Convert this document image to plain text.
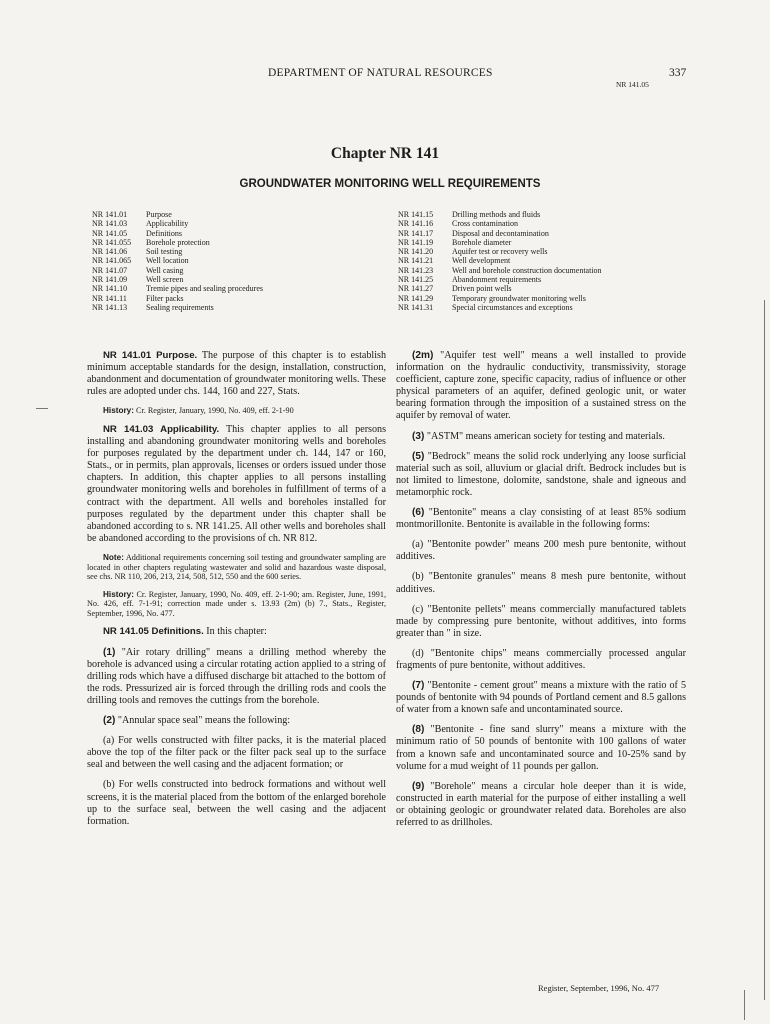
DEPARTMENT OF NATURAL RESOURCES	337
NR 141.05
Chapter NR 141
GROUNDWATER MONITORING WELL REQUIREMENTS
NR 141.01	Purpose
NR 141.03	Applicability
NR 141.05	Definitions
NR 141.055	Borehole protection
NR 141.06	Soil testing
NR 141.065	Well location
NR 141.07	Well casing
NR 141.09	Well screen
NR 141.10	Tremie pipes and sealing procedures
NR 141.11	Filter packs
NR 141.13	Sealing requirements
NR 141.15	Drilling methods and fluids
NR 141.16	Cross contamination
NR 141.17	Disposal and decontamination
NR 141.19	Borehole diameter
NR 141.20	Aquifer test or recovery wells
NR 141.21	Well development
NR 141.23	Well and borehole construction documentation
NR 141.25	Abandonment requirements
NR 141.27	Driven point wells
NR 141.29	Temporary groundwater monitoring wells
NR 141.31	Special circumstances and exceptions

NR 141.01 Purpose. The purpose of this chapter is to establish minimum acceptable standards for the design, installation, construction, abandonment and documentation of groundwater monitoring wells. These rules are adopted under chs. 144, 160 and 227, Stats.

History: Cr. Register, January, 1990, No. 409, eff. 2-1-90

NR 141.03 Applicability. This chapter applies to all persons installing and abandoning groundwater monitoring wells and boreholes for purposes regulated by the department under ch. 144, 147 or 160, Stats., or in permits, plan approvals, licenses or orders issued under those chapters. In addition, this chapter applies to all persons installing groundwater monitoring wells and boreholes in fulfillment of terms of a contract with the department. All wells and boreholes installed for purposes regulated by the department under this chapter shall be abandoned according to s. NR 141.25. All other wells and boreholes shall be abandoned according to the provisions of ch. NR 812.

Note: Additional requirements concerning soil testing and groundwater sampling are located in other chapters regulating wastewater and solid and hazardous waste disposal, see chs. NR 110, 206, 213, 214, 508, 512, 550 and the 600 series.

History: Cr. Register, January, 1990, No. 409, eff. 2-1-90; am. Register, June, 1991, No. 426, eff. 7-1-91; correction made under s. 13.93 (2m) (b) 7., Stats., Register, September, 1996, No. 477.

NR 141.05 Definitions. In this chapter:

(1) "Air rotary drilling" means a drilling method whereby the borehole is advanced using a circular rotating action applied to a string of drilling rods which have a diffused discharge bit attached to the bottom of the rods. Pressurized air is forced through the drilling rods and cools the drilling tools and removes the cuttings from the borehole.

(2) "Annular space seal" means the following:

(a) For wells constructed with filter packs, it is the material placed above the top of the filter pack or the filter pack seal up to the surface seal and between the well casing and the adjacent formation; or

(b) For wells constructed into bedrock formations and without well screens, it is the material placed from the bottom of the enlarged borehole up to the surface seal, between the well casing and the adjacent formation.

(2m) "Aquifer test well" means a well installed to provide information on the hydraulic conductivity, transmissivity, storage coefficient, capture zone, specific capacity, radius of influence or other physical parameters of an aquifer, defined geologic unit, or water bearing formation through the imposition of a sustained stress on the aquifer by removal of water.

(3) "ASTM" means american society for testing and materials.

(5) "Bedrock" means the solid rock underlying any loose surficial material such as soil, alluvium or glacial drift. Bedrock includes but is not limited to limestone, dolomite, sandstone, shale and igneous and metamorphic rock.

(6) "Bentonite" means a clay consisting of at least 85% sodium montmorillonite. Bentonite is available in the following forms:

(a) "Bentonite powder" means 200 mesh pure bentonite, without additives.

(b) "Bentonite granules" means 8 mesh pure bentonite, without additives.

(c) "Bentonite pellets" means commercially manufactured tablets made by compressing pure bentonite, without additives, into forms greater than " in size.

(d) "Bentonite chips" means commercially processed angular fragments of pure bentonite, without additives.

(7) "Bentonite - cement grout" means a mixture with the ratio of 5 pounds of bentonite with 94 pounds of Portland cement and 8.5 gallons of water from a known safe and uncontaminated source.

(8) "Bentonite - fine sand slurry" means a mixture with the minimum ratio of 50 pounds of bentonite with 100 gallons of water from a known safe and uncontaminated source and 10-25% sand by volume for a mud weight of 11 pounds per gallon.

(9) "Borehole" means a circular hole deeper than it is wide, constructed in earth material for the purpose of either installing a well or obtaining geologic or groundwater related data. Boreholes are also referred to as drillholes.

Register, September, 1996, No. 477
